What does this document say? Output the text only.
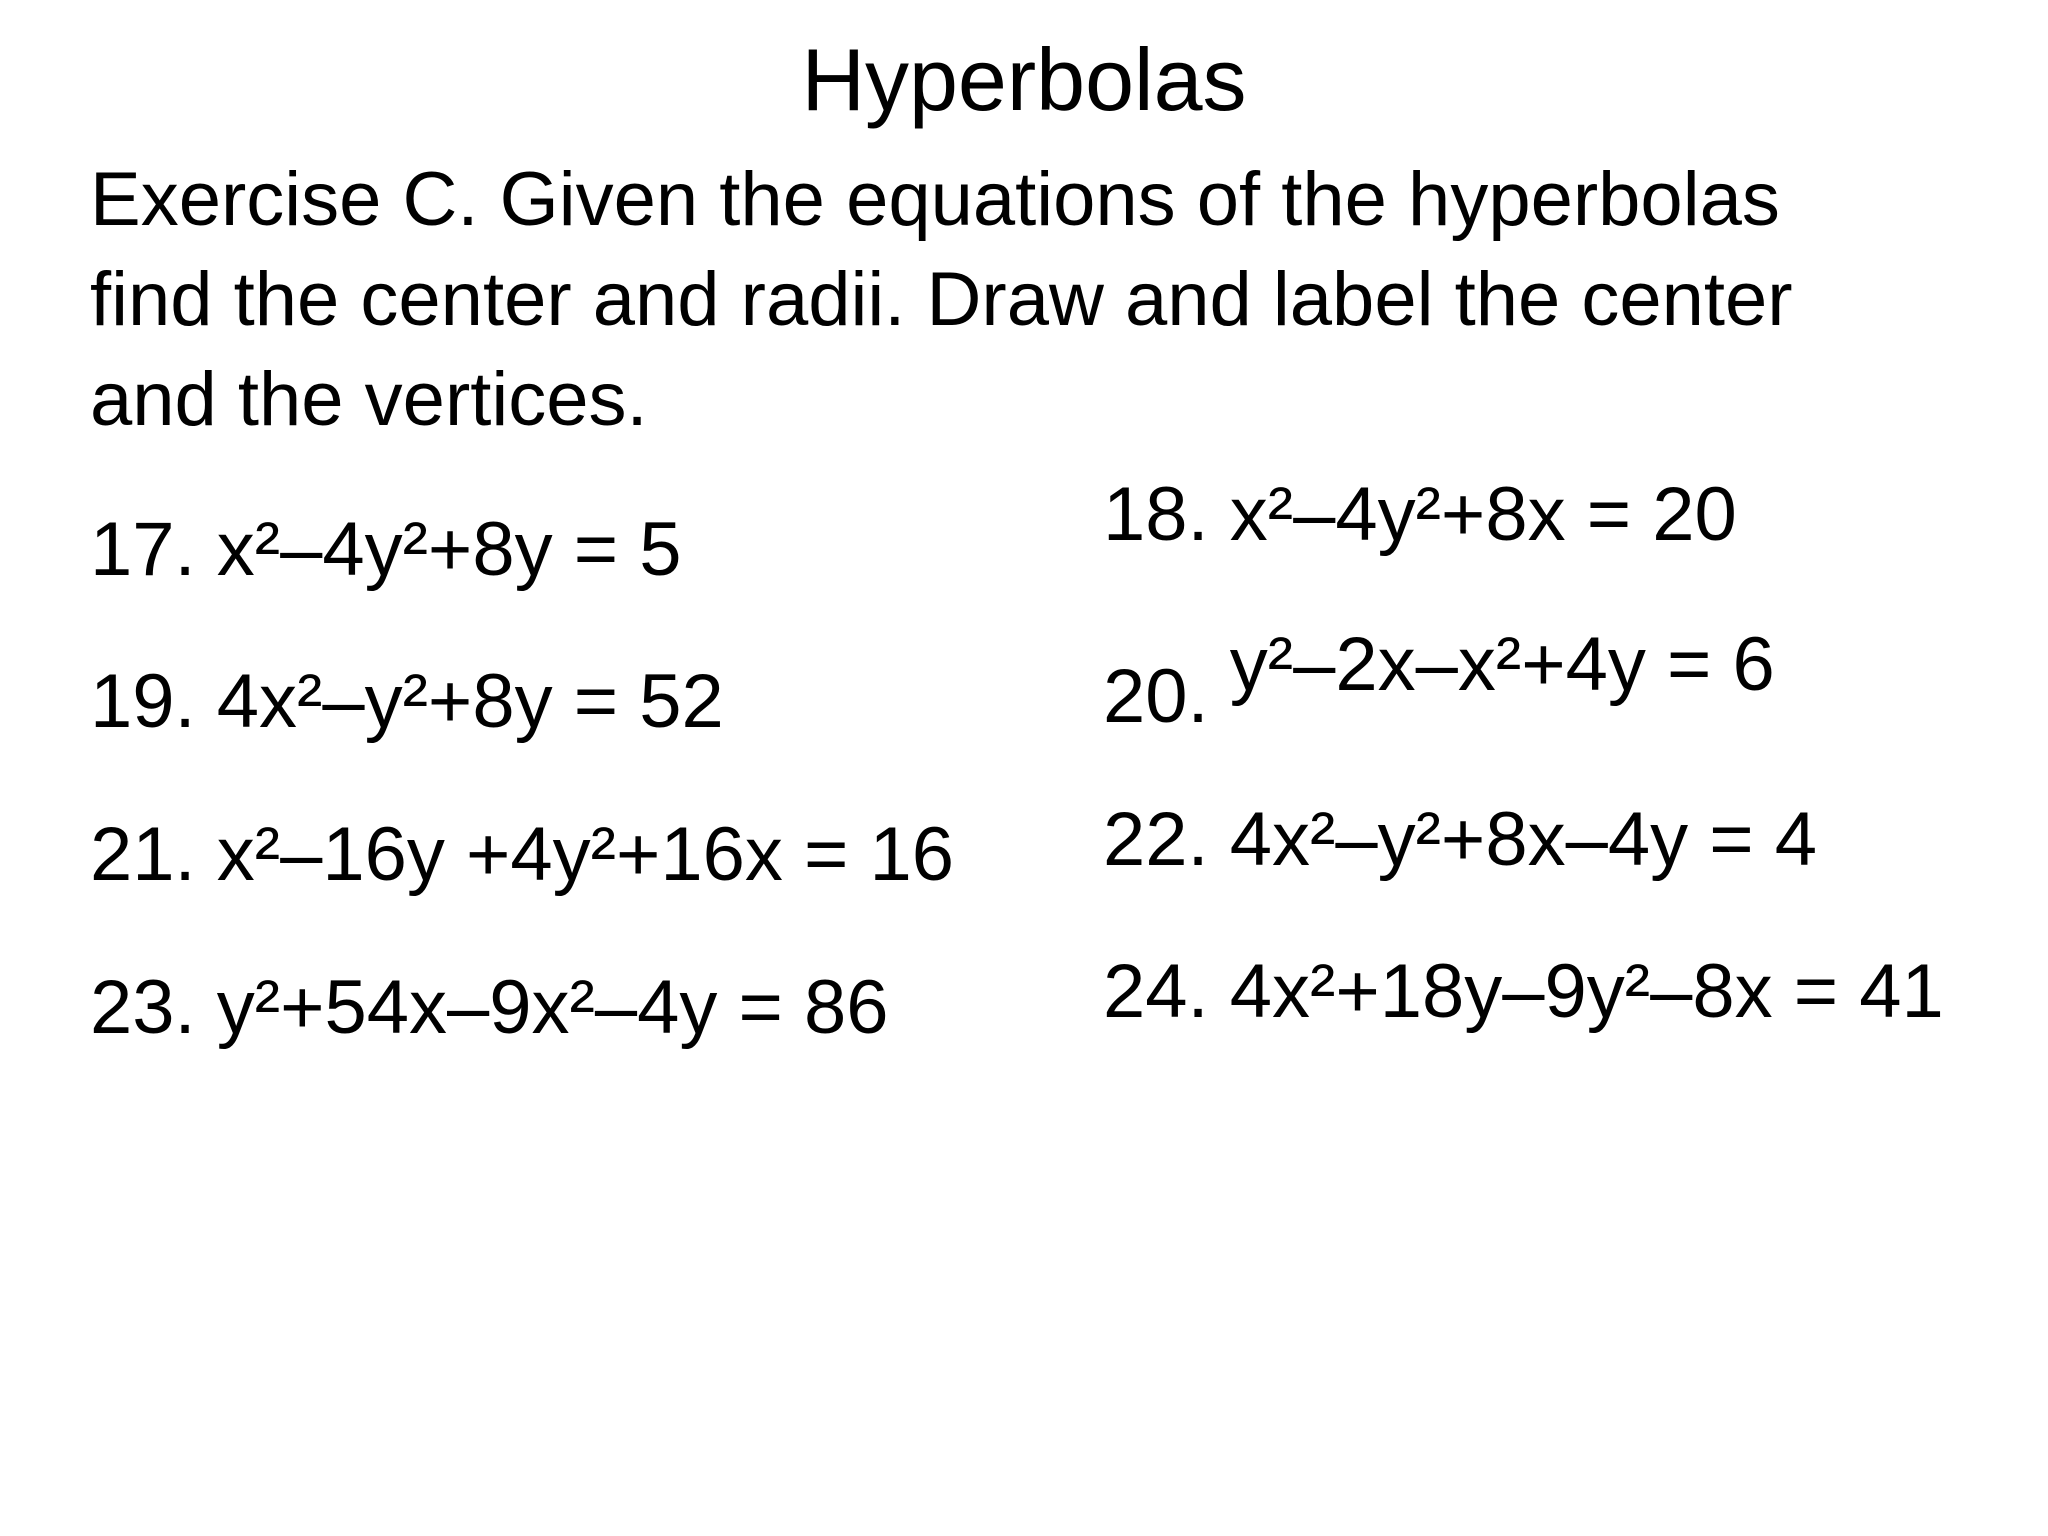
Hyperbolas
Exercise C. Given the equations of the hyperbolas
find the center and radii. Draw and label the center
and the vertices.
17. x²–4y²+8y = 5	18. x²–4y²+8x = 20
19. 4x²–y²+8y = 52	20. y²–2x–x²+4y = 6
21. x²–16y +4y²+16x = 16 22. 4x²–y²+8x–4y = 4
23. y²+54x–9x²–4y = 86	24. 4x²+18y–9y²–8x = 41
